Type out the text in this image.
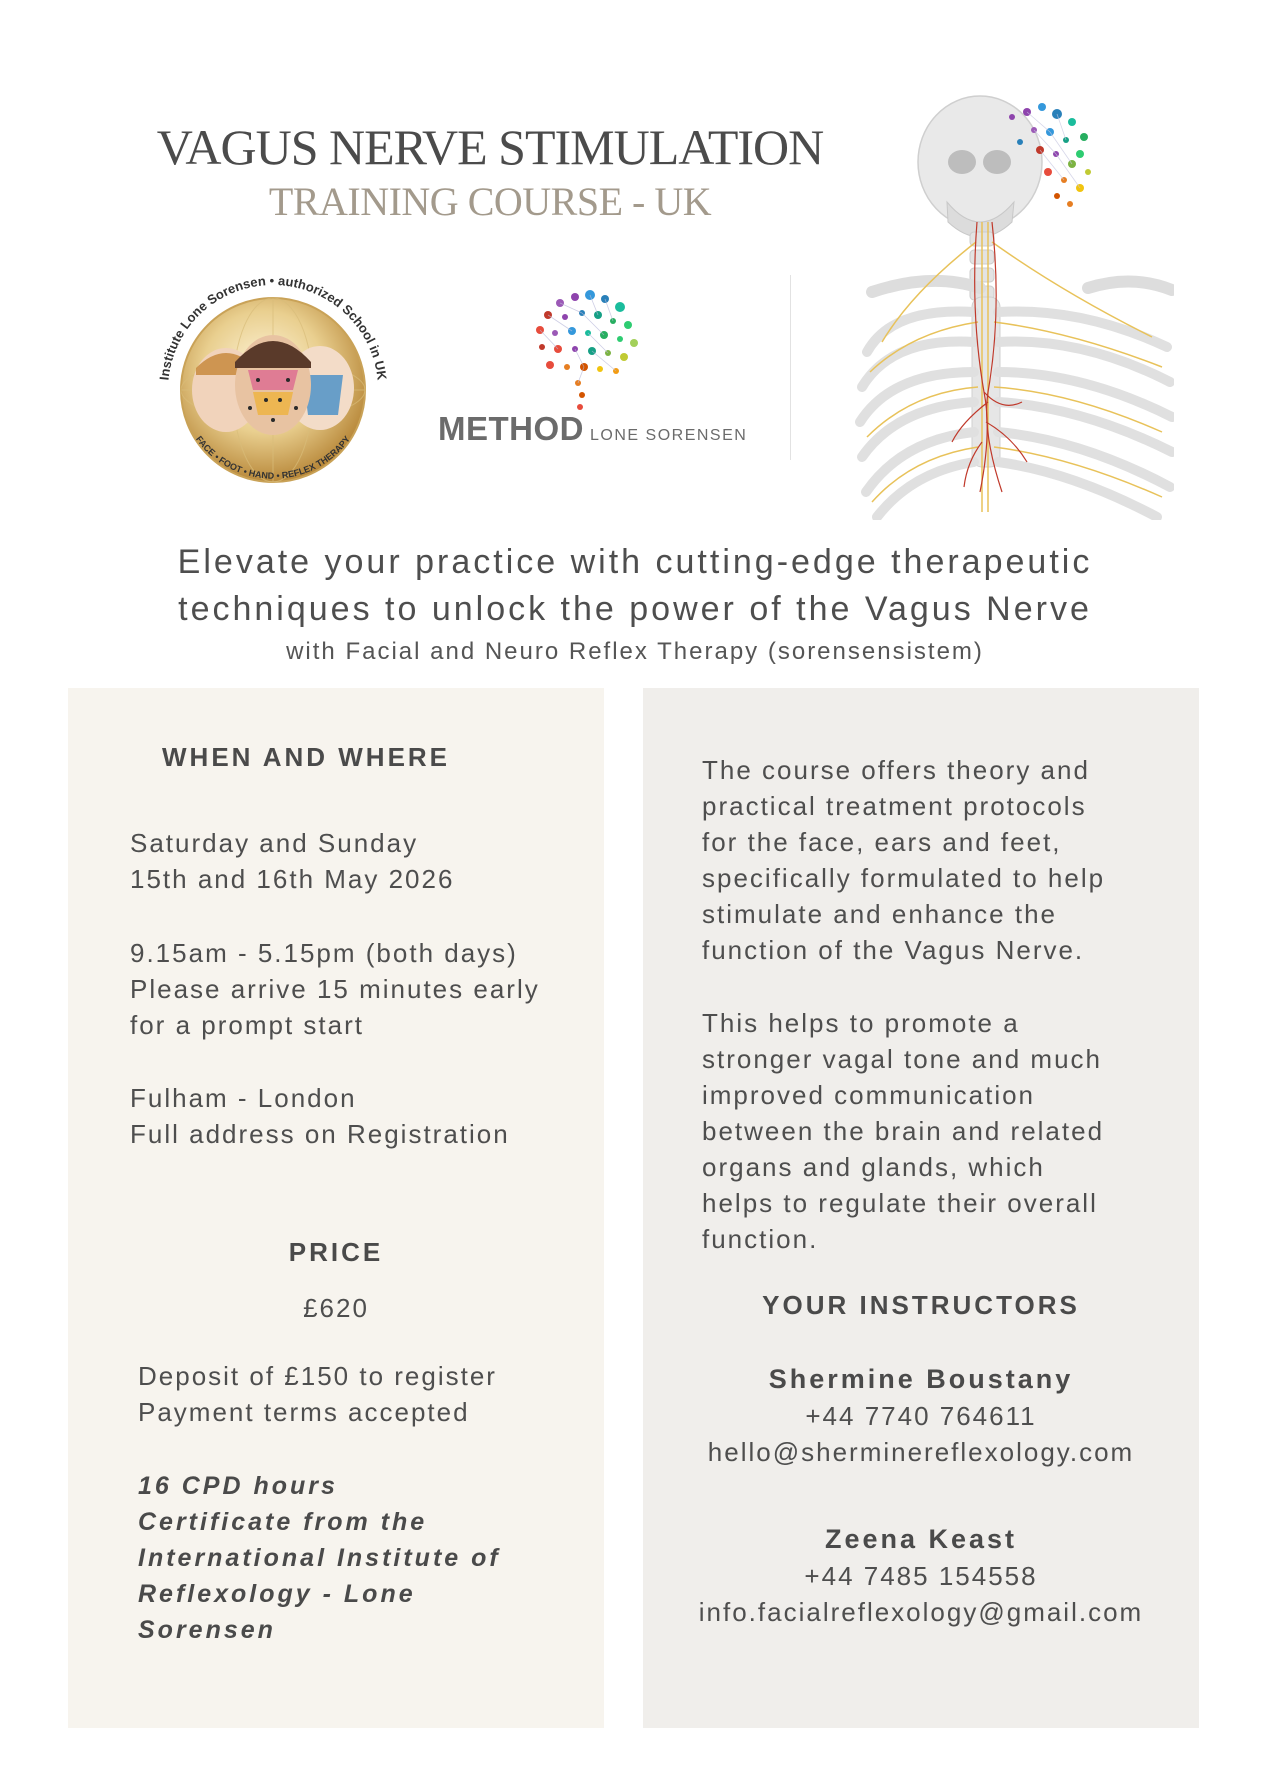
VAGUS NERVE STIMULATION
TRAINING COURSE - UK
Institute Lone Sorensen • authorized School in UK
FACE • FOOT • HAND • REFLEX THERAPY	METHOD LONE SORENSEN
Elevate your practice with cutting-edge therapeutic
techniques to unlock the power of the Vagus Nerve
with Facial and Neuro Reflex Therapy (sorensensistem)
WHEN AND WHERE
Saturday and Sunday
15th and 16th May 2026
9.15am - 5.15pm (both days)
Please arrive 15 minutes early
for a prompt start
Fulham - London
Full address on Registration
PRICE
£620
Deposit of £150 to register
Payment terms accepted
16 CPD hours
Certificate from the
International Institute of
Reflexology - Lone
Sorensen
The course offers theory and
practical treatment protocols
for the face, ears and feet,
specifically formulated to help
stimulate and enhance the
function of the Vagus Nerve.
This helps to promote a
stronger vagal tone and much
improved communication
between the brain and related
organs and glands, which
helps to regulate their overall
function.
YOUR INSTRUCTORS
Shermine Boustany
+44 7740 764611
hello@sherminereflexology.com
Zeena Keast
+44 7485 154558
info.facialreflexology@gmail.com
